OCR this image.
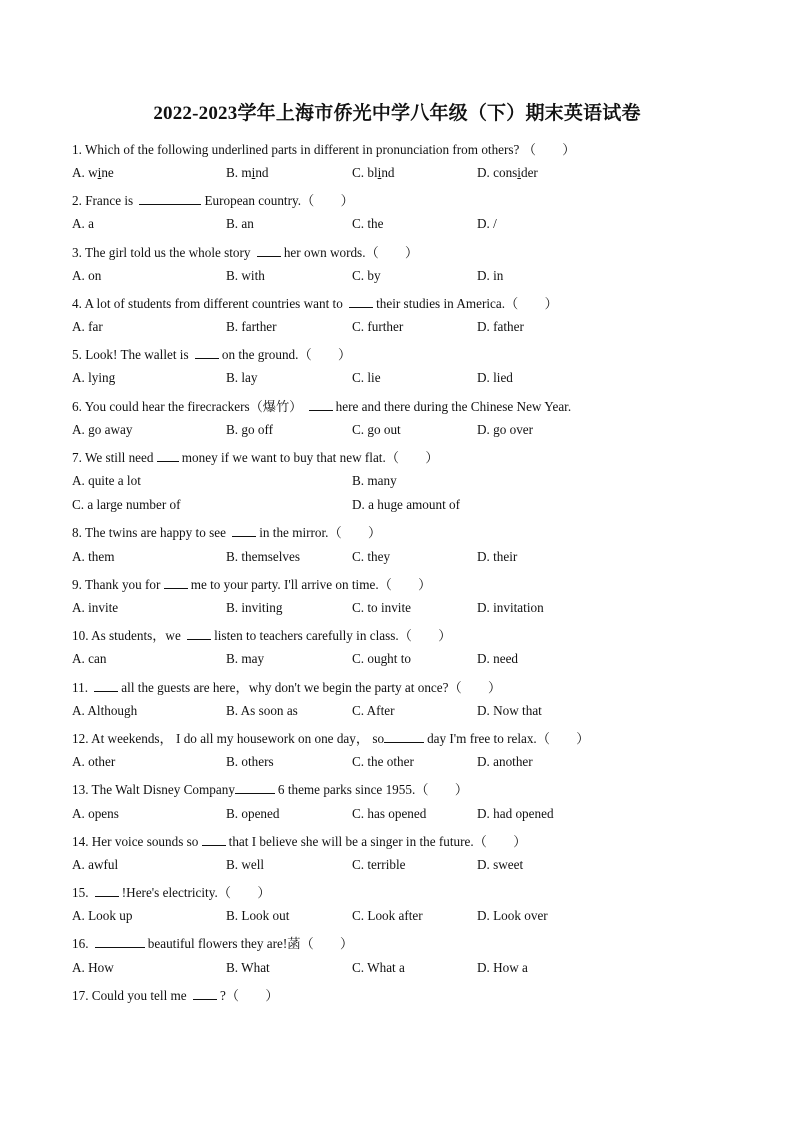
2022-2023学年上海市侨光中学八年级（下）期末英语试卷
1. Which of the following underlined parts in different in pronunciation from others? （　　）
A. wine	B. mind	C. blind	D. consider
2. France is	European country.（　　）
A. a	B. an	C. the	D. /
3. The girl told us the whole story her own words.（　　）
A. on	B. with	C. by	D. in
4. A lot of students from different countries want to their studies in America.（　　）
A. far	B. farther	C. further	D. father
5. Look! The wallet is on the ground.（　　）
A. lying	B. lay	C. lie	D. lied
6. You could hear the firecrackers（爆竹） here and there during the Chinese New Year.
A. go away	B. go off	C. go out	D. go over
7. We still need money if we want to buy that new flat.（　　）
A. quite a lot	B. many
C. a large number of	D. a huge amount of
8. The twins are happy to see in the mirror.（　　）
A. them	B. themselves	C. they	D. their
9. Thank you for me to your party. I'll arrive on time.（　　）
A. invite	B. inviting	C. to invite	D. invitation
10. As students，we listen to teachers carefully in class.（　　）
A. can	B. may	C. ought to	D. need
11.	all the guests are here，why don't we begin the party at once?（　　）
A. Although	B. As soon as	C. After	D. Now that
12. At weekends， I do all my housework on one day， so	day I'm free to relax.（　　）
A. other	B. others	C. the other	D. another
13. The Walt Disney Company	6 theme parks since 1955.（　　）
A. opens	B. opened	C. has opened	D. had opened
14. Her voice sounds so that I believe she will be a singer in the future.（　　）
A. awful	B. well	C. terrible	D. sweet
15.	!Here's electricity.（　　）
A. Look up	B. Look out	C. Look after	D. Look over
16.	beautiful flowers they are!菡（　　）
A. How	B. What	C. What a	D. How a
17. Could you tell me ?（　　）
